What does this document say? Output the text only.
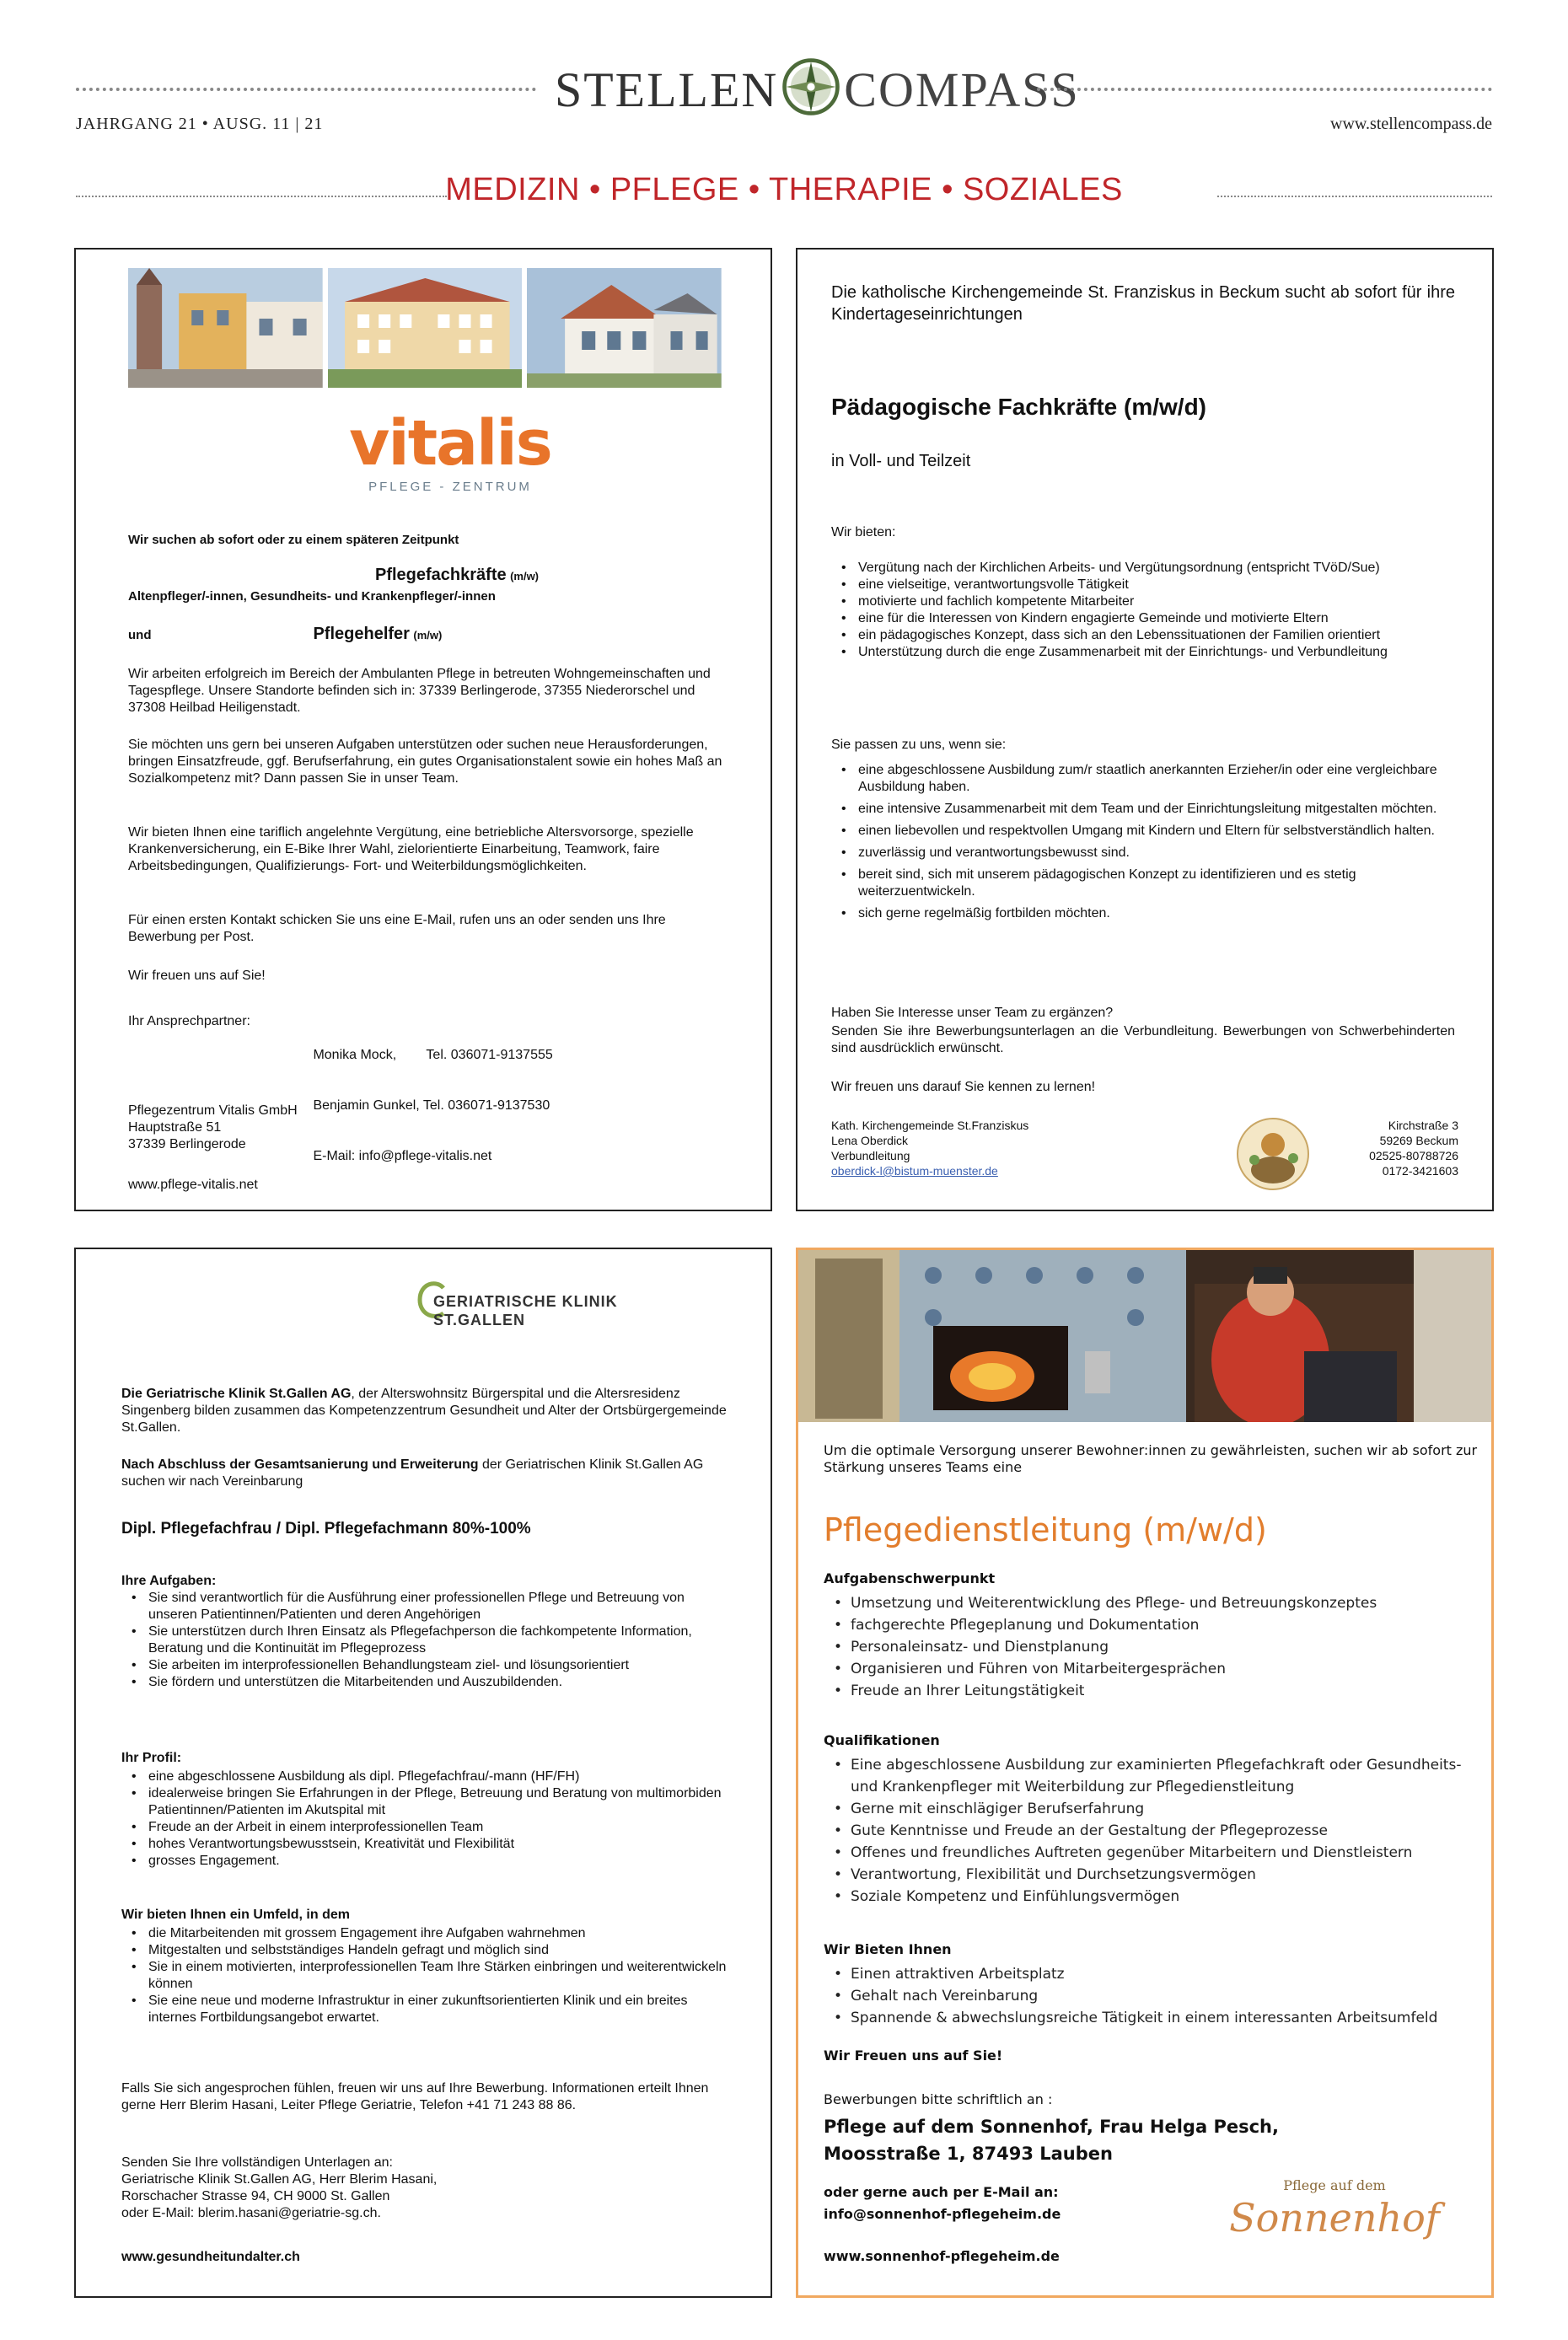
STELLEN COMPASS
JAHRGANG 21 • AUSG. 11 | 21	www.stellencompass.de
MEDIZIN • PFLEGE • THERAPIE • SOZIALES
vitalis
PFLEGE - ZENTRUM

Wir suchen ab sofort oder zu einem späteren Zeitpunkt

Pflegefachkräfte (m/w)

Altenpfleger/-innen, Gesundheits- und Krankenpfleger/-innen

und	Pflegehelfer (m/w)

Wir arbeiten erfolgreich im Bereich der Ambulanten Pflege in betreuten Wohngemeinschaften und Tagespflege. Unsere Standorte befinden sich in: 37339 Berlingerode, 37355 Niederorschel und 37308 Heilbad Heiligenstadt.

Sie möchten uns gern bei unseren Aufgaben unterstützen oder suchen neue Herausforderungen, bringen Einsatzfreude, ggf. Berufserfahrung, ein gutes Organisationstalent sowie ein hohes Maß an Sozialkompetenz mit? Dann passen Sie in unser Team.

Wir bieten Ihnen eine tariflich angelehnte Vergütung, eine betriebliche Altersvorsorge, spezielle Krankenversicherung, ein E-Bike Ihrer Wahl, zielorientierte Einarbeitung, Teamwork, faire Arbeitsbedingungen, Qualifizierungs- Fort- und Weiterbildungsmöglichkeiten.

Für einen ersten Kontakt schicken Sie uns eine E-Mail, rufen uns an oder senden uns Ihre Bewerbung per Post.

Wir freuen uns auf Sie!

Ihr Ansprechpartner:

Monika Mock,        Tel. 036071-9137555

Benjamin Gunkel, Tel. 036071-9137530

E-Mail: info@pflege-vitalis.net

Pflegezentrum Vitalis GmbH
Hauptstraße 51
37339 Berlingerode

www.pflege-vitalis.net

Die katholische Kirchengemeinde St. Franziskus in Beckum sucht ab sofort für ihre Kindertageseinrichtungen

Pädagogische Fachkräfte (m/w/d)

in Voll- und Teilzeit

Wir bieten:

• Vergütung nach der Kirchlichen Arbeits- und Vergütungsordnung (entspricht TVöD/Sue)
• eine vielseitige, verantwortungsvolle Tätigkeit
• motivierte und fachlich kompetente Mitarbeiter
• eine für die Interessen von Kindern engagierte Gemeinde und motivierte Eltern
• ein pädagogisches Konzept, dass sich an den Lebenssituationen der Familien orientiert
• Unterstützung durch die enge Zusammenarbeit mit der Einrichtungs- und Verbundleitung

Sie passen zu uns, wenn sie:

• eine abgeschlossene Ausbildung zum/r staatlich anerkannten Erzieher/in oder eine vergleichbare Ausbildung haben.
• eine intensive Zusammenarbeit mit dem Team und der Einrichtungsleitung mitgestalten möchten.
• einen liebevollen und respektvollen Umgang mit Kindern und Eltern für selbstverständlich halten.
• zuverlässig und verantwortungsbewusst sind.
• bereit sind, sich mit unserem pädagogischen Konzept zu identifizieren und es stetig weiterzuentwickeln.
• sich gerne regelmäßig fortbilden möchten.

Haben Sie Interesse unser Team zu ergänzen?

Senden Sie ihre Bewerbungsunterlagen an die Verbundleitung. Bewerbungen von Schwerbehinderten sind ausdrücklich erwünscht.

Wir freuen uns darauf Sie kennen zu lernen!

Kath. Kirchengemeinde St.Franziskus
Lena Oberdick
Verbundleitung
oberdick-l@bistum-muenster.de
Kirchstraße 3
59269 Beckum
02525-80788726
0172-3421603
GERIATRISCHE KLINIK
ST.GALLEN

Die Geriatrische Klinik St.Gallen AG, der Alterswohnsitz Bürgerspital und die Altersresidenz Singenberg bilden zusammen das Kompetenzzentrum Gesundheit und Alter der Ortsbürgergemeinde St.Gallen.

Nach Abschluss der Gesamtsanierung und Erweiterung der Geriatrischen Klinik St.Gallen AG suchen wir nach Vereinbarung

Dipl. Pflegefachfrau / Dipl. Pflegefachmann 80%-100%

Ihre Aufgaben:

• Sie sind verantwortlich für die Ausführung einer professionellen Pflege und Betreuung von unseren Patientinnen/Patienten und deren Angehörigen
• Sie unterstützen durch Ihren Einsatz als Pflegefachperson die fachkompetente Information, Beratung und die Kontinuität im Pflegeprozess
• Sie arbeiten im interprofessionellen Behandlungsteam ziel- und lösungsorientiert
• Sie fördern und unterstützen die Mitarbeitenden und Auszubildenden.

Ihr Profil:

• eine abgeschlossene Ausbildung als dipl. Pflegefachfrau/-mann (HF/FH)
• idealerweise bringen Sie Erfahrungen in der Pflege, Betreuung und Beratung von multimorbiden Patientinnen/Patienten im Akutspital mit
• Freude an der Arbeit in einem interprofessionellen Team
• hohes Verantwortungsbewusstsein, Kreativität und Flexibilität
• grosses Engagement.

Wir bieten Ihnen ein Umfeld, in dem

• die Mitarbeitenden mit grossem Engagement ihre Aufgaben wahrnehmen
• Mitgestalten und selbstständiges Handeln gefragt und möglich sind
• Sie in einem motivierten, interprofessionellen Team Ihre Stärken einbringen und weiterentwickeln können
• Sie eine neue und moderne Infrastruktur in einer zukunftsorientierten Klinik und ein breites internes Fortbildungsangebot erwartet.

Falls Sie sich angesprochen fühlen, freuen wir uns auf Ihre Bewerbung. Informationen erteilt Ihnen gerne Herr Blerim Hasani, Leiter Pflege Geriatrie, Telefon +41 71 243 88 86.

Senden Sie Ihre vollständigen Unterlagen an:
Geriatrische Klinik St.Gallen AG, Herr Blerim Hasani,
Rorschacher Strasse 94, CH 9000 St. Gallen
oder E-Mail: blerim.hasani@geriatrie-sg.ch.

www.gesundheitundalter.ch

Um die optimale Versorgung unserer Bewohner:innen zu gewährleisten, suchen wir ab sofort zur Stärkung unseres Teams eine

Pflegedienstleitung (m/w/d)

Aufgabenschwerpunkt

• Umsetzung und Weiterentwicklung des Pflege- und Betreuungskonzeptes
• fachgerechte Pflegeplanung und Dokumentation
• Personaleinsatz- und Dienstplanung
• Organisieren und Führen von Mitarbeitergesprächen
• Freude an Ihrer Leitungstätigkeit

Qualifikationen

• Eine abgeschlossene Ausbildung zur examinierten Pflegefachkraft oder Gesundheits- und Krankenpfleger mit Weiterbildung zur Pflegedienstleitung
• Gerne mit einschlägiger Berufserfahrung
• Gute Kenntnisse und Freude an der Gestaltung der Pflegeprozesse
• Offenes und freundliches Auftreten gegenüber Mitarbeitern und Dienstleistern
• Verantwortung, Flexibilität und Durchsetzungsvermögen
• Soziale Kompetenz und Einfühlungsvermögen

Wir Bieten Ihnen

• Einen attraktiven Arbeitsplatz
• Gehalt nach Vereinbarung
• Spannende & abwechslungsreiche Tätigkeit in einem interessanten Arbeitsumfeld

Wir Freuen uns auf Sie!

Bewerbungen bitte schriftlich an :

Pflege auf dem Sonnenhof, Frau Helga Pesch,

Moosstraße 1, 87493 Lauben

oder gerne auch per E-Mail an:

info@sonnenhof-pflegeheim.de

www.sonnenhof-pflegeheim.de

Pflege auf dem
Sonnenhof
